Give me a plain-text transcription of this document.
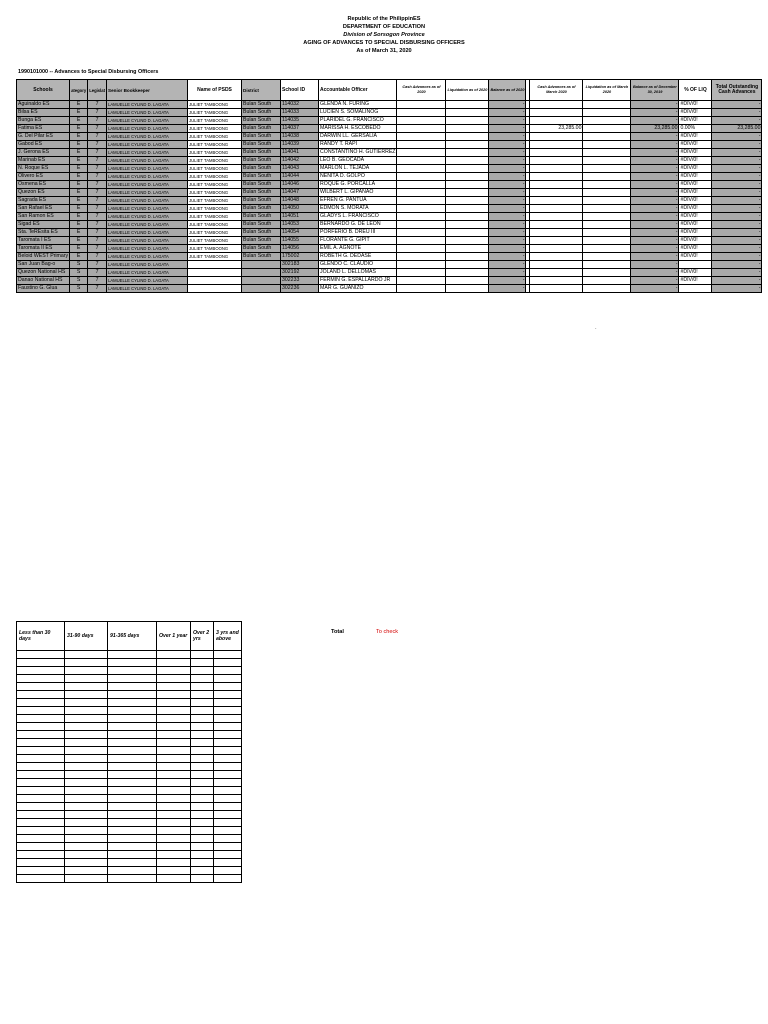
Republic of the PhilippinES
DEPARTMENT OF EDUCATION
Division of Sorsogon Province
AGING OF ADVANCES TO SPECIAL DISBURSING OFFICERS
As of March 31, 2020
1990101000 -- Advances to Special Disbursing Officers
Schools	ategory	Legislat	Senior Bookkeeper	Name of PSDS	District	School ID	Accountable Officer	Cash Advances as of 2020	Liquidation as of 2020	Balance as of 2020		Cash Advances as of March 2020	Liquidation as of March 2020	Balance as of December 30, 2019	% OF LIQ	Total Outstanding Cash Advances
Aguinaldo ES	E	7	LAMUELLE CYLIND D. LAGATA	JULIET TAMBOONG	Bulan South	114032	GLENDA N. FURING			-				-	#DIV/0!	-
Bilsa ES	E	7	LAMUELLE CYLIND D. LAGATA	JULIET TAMBOONG	Bulan South	114033	LUCIEN S. SOMALINOG			-				-	#DIV/0!	-
Bunga ES	E	7	LAMUELLE CYLIND D. LAGATA	JULIET TAMBOONG	Bulan South	114035	PLARIDEL G. FRANCISCO			-				-	#DIV/0!	-
Fatima ES	E	7	LAMUELLE CYLIND D. LAGATA	JULIET TAMBOONG	Bulan South	114037	MARISSA H. ESCOBEDO			-		23,285.00		23,285.00	0.00%	23,285.00
G. Del Pilar ES	E	7	LAMUELLE CYLIND D. LAGATA	JULIET TAMBOONG	Bulan South	114038	DARWIN LL. GERSALIA			-				-	#DIV/0!	-
Gabod ES	E	7	LAMUELLE CYLIND D. LAGATA	JULIET TAMBOONG	Bulan South	114039	RANDY T. RAPI			-				-	#DIV/0!	-
J. Gerona ES	E	7	LAMUELLE CYLIND D. LAGATA	JULIET TAMBOONG	Bulan South	114041	CONSTANTINO H. GUTIERREZ			-				-	#DIV/0!	-
Marinab ES	E	7	LAMUELLE CYLIND D. LAGATA	JULIET TAMBOONG	Bulan South	114042	LEO B. GEOCADA			-				-	#DIV/0!	-
N. Roque ES	E	7	LAMUELLE CYLIND D. LAGATA	JULIET TAMBOONG	Bulan South	114043	MARLON L. TEJADA			-				-	#DIV/0!	-
Olivero ES	E	7	LAMUELLE CYLIND D. LAGATA	JULIET TAMBOONG	Bulan South	114044	NENITA D. GOLPO			-				-	#DIV/0!	-
Osmena ES	E	7	LAMUELLE CYLIND D. LAGATA	JULIET TAMBOONG	Bulan South	114046	ROQUE G. PORCALLA			-				-	#DIV/0!	-
Quezon ES	E	7	LAMUELLE CYLIND D. LAGATA	JULIET TAMBOONG	Bulan South	114047	WILBERT L. GIPANAO			-				-	#DIV/0!	-
Sagrada ES	E	7	LAMUELLE CYLIND D. LAGATA	JULIET TAMBOONG	Bulan South	114048	EFREN G. PANTUA			-				-	#DIV/0!	-
San Rafael ES	E	7	LAMUELLE CYLIND D. LAGATA	JULIET TAMBOONG	Bulan South	114050	EDMON S. MORATA			-				-	#DIV/0!	-
San Ramon ES	E	7	LAMUELLE CYLIND D. LAGATA	JULIET TAMBOONG	Bulan South	114051	GLADYS L. FRANCISCO			-				-	#DIV/0!	-
Sigad ES	E	7	LAMUELLE CYLIND D. LAGATA	JULIET TAMBOONG	Bulan South	114053	BERNARDO G. DE LEON			-				-	#DIV/0!	-
Sta. TeREsita ES	E	7	LAMUELLE CYLIND D. LAGATA	JULIET TAMBOONG	Bulan South	114054	PORFERIO B. DREU III			-				-	#DIV/0!	-
Taromata I ES	E	7	LAMUELLE CYLIND D. LAGATA	JULIET TAMBOONG	Bulan South	114055	FLORANTE G. GIPIT			-				-	#DIV/0!	-
Taromata II ES	E	7	LAMUELLE CYLIND D. LAGATA	JULIET TAMBOONG	Bulan South	114056	EMIL A. AGNOTE			-				-	#DIV/0!	-
Beloid WEST Primary	E	7	LAMUELLE CYLIND D. LAGATA	JULIET TAMBOONG	Bulan South	175002	ROBETH G. DEDASE			-				-	#DIV/0!	-
San Juan Bag-o	S	7	LAMUELLE CYLIND D. LAGATA			302183	GLENDO C. CLAUDIO			-				-		-
Quezon National HS	S	7	LAMUELLE CYLIND D. LAGATA			302192	JOLAND L. DELLOMAS			-				-	#DIV/0!	-
Danao National HS	S	7	LAMUELLE CYLIND D. LAGATA			302233	FERMIN G. ESPALLARDO JR			-				-	#DIV/0!	-
Faustino G. Glua	S	7	LAMUELLE CYLIND D. LAGATA			302236	MAR G. GUANIZO			-				-		-
-
Less than 30 days	31-90 days	91-365 days	Over 1 year	Over 2 yrs	3 yrs and above

Total	To check
